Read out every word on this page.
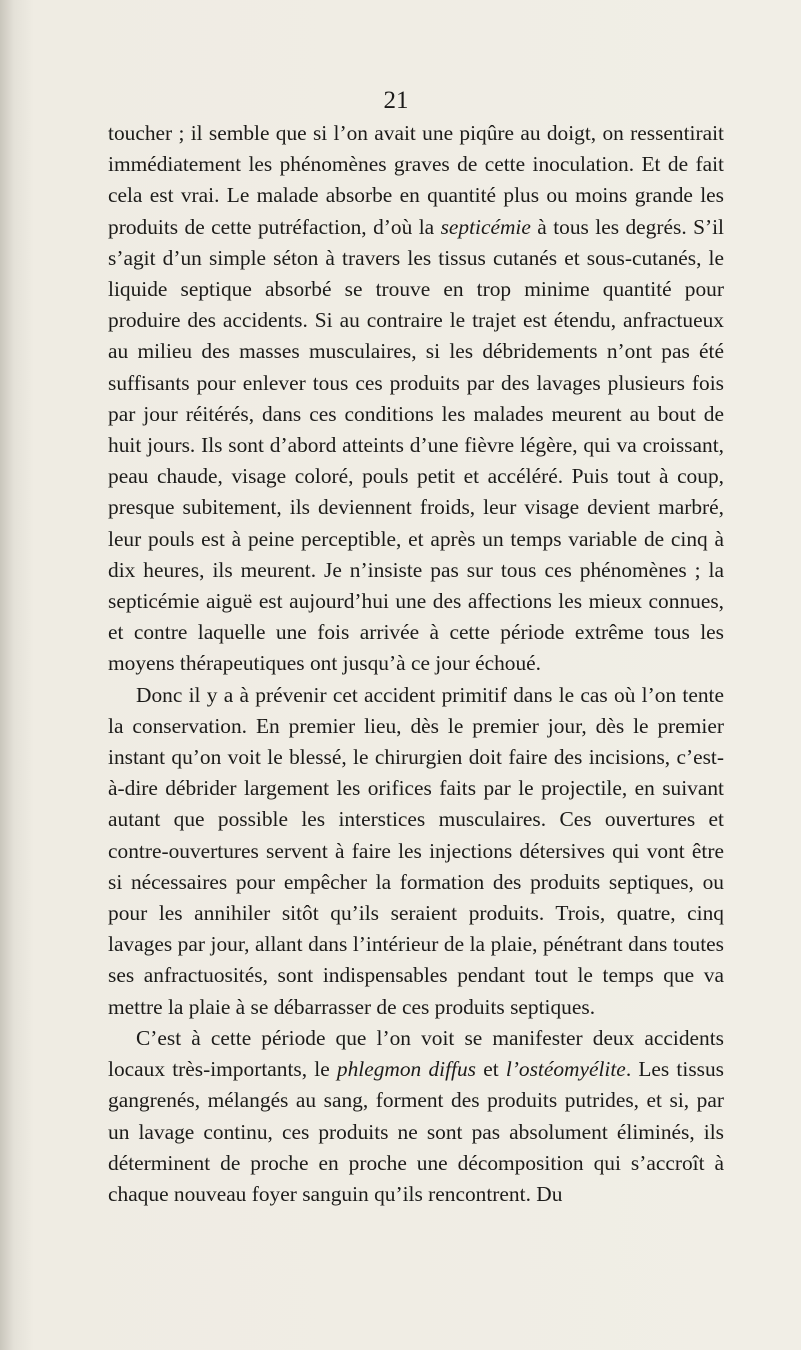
21

toucher ; il semble que si l’on avait une piqûre au doigt, on ressentirait immédiatement les phénomènes graves de cette inoculation. Et de fait cela est vrai. Le malade absorbe en quantité plus ou moins grande les produits de cette putréfaction, d’où la septicémie à tous les degrés. S’il s’agit d’un simple séton à travers les tissus cutanés et sous-cutanés, le liquide septique absorbé se trouve en trop minime quantité pour produire des accidents. Si au contraire le trajet est étendu, anfractueux au milieu des masses musculaires, si les débridements n’ont pas été suffisants pour enlever tous ces produits par des lavages plusieurs fois par jour réitérés, dans ces conditions les malades meurent au bout de huit jours. Ils sont d’abord atteints d’une fièvre légère, qui va croissant, peau chaude, visage coloré, pouls petit et accéléré. Puis tout à coup, presque subitement, ils deviennent froids, leur visage devient marbré, leur pouls est à peine perceptible, et après un temps variable de cinq à dix heures, ils meurent. Je n’insiste pas sur tous ces phénomènes ; la septicémie aiguë est aujourd’hui une des affections les mieux connues, et contre laquelle une fois arrivée à cette période extrême tous les moyens thérapeutiques ont jusqu’à ce jour échoué.

Donc il y a à prévenir cet accident primitif dans le cas où l’on tente la conservation. En premier lieu, dès le premier jour, dès le premier instant qu’on voit le blessé, le chirurgien doit faire des incisions, c’est-à-dire débrider largement les orifices faits par le projectile, en suivant autant que possible les interstices musculaires. Ces ouvertures et contre-ouvertures servent à faire les injections détersives qui vont être si nécessaires pour empêcher la formation des produits septiques, ou pour les annihiler sitôt qu’ils seraient produits. Trois, quatre, cinq lavages par jour, allant dans l’intérieur de la plaie, pénétrant dans toutes ses anfractuosités, sont indispensables pendant tout le temps que va mettre la plaie à se débarrasser de ces produits septiques.

C’est à cette période que l’on voit se manifester deux accidents locaux très-importants, le phlegmon diffus et l’ostéomyélite. Les tissus gangrenés, mélangés au sang, forment des produits putrides, et si, par un lavage continu, ces produits ne sont pas absolument éliminés, ils déterminent de proche en proche une décomposition qui s’accroît à chaque nouveau foyer sanguin qu’ils rencontrent. Du
